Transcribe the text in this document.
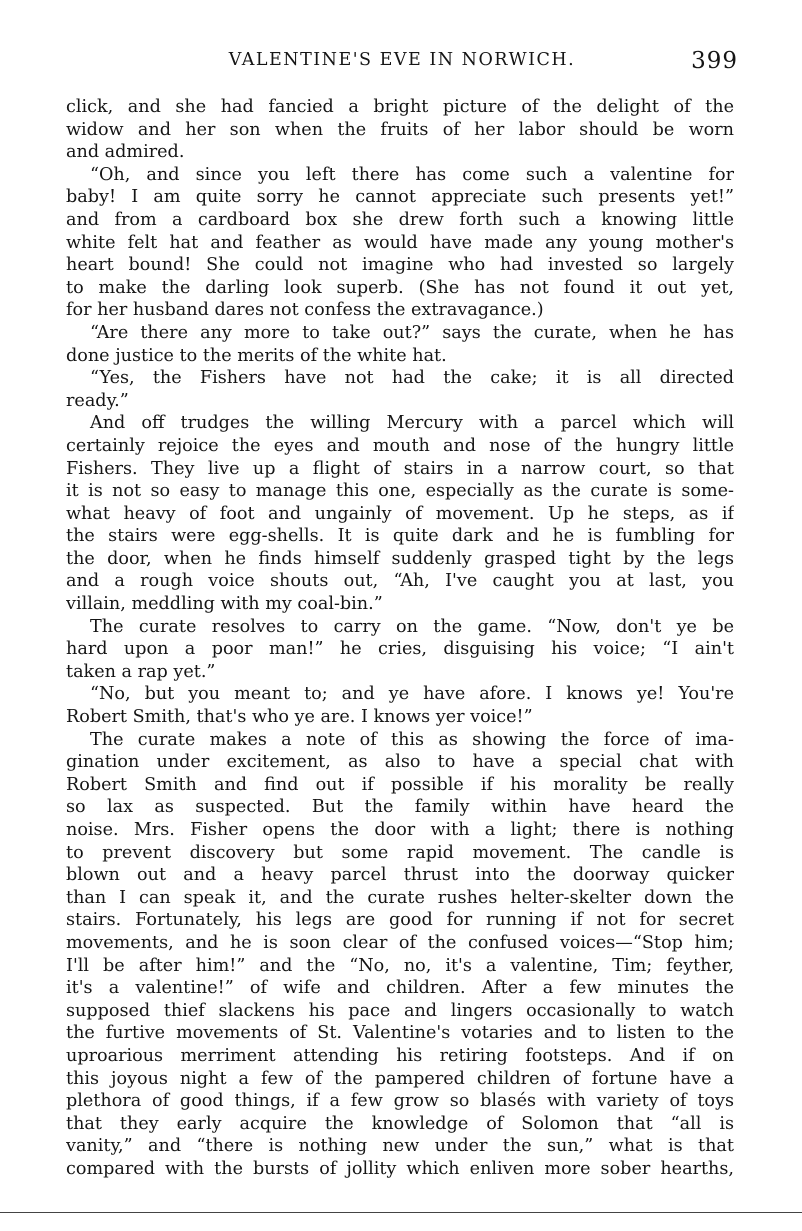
VALENTINE'S EVE IN NORWICH.	399
click, and she had fancied a bright picture of the delight of the
widow and her son when the fruits of her labor should be worn
and admired.
“Oh, and since you left there has come such a valentine for
baby! I am quite sorry he cannot appreciate such presents yet!”
and from a cardboard box she drew forth such a knowing little
white felt hat and feather as would have made any young mother's
heart bound! She could not imagine who had invested so largely
to make the darling look superb. (She has not found it out yet,
for her husband dares not confess the extravagance.)
“Are there any more to take out?” says the curate, when he has
done justice to the merits of the white hat.
“Yes, the Fishers have not had the cake; it is all directed
ready.”
And off trudges the willing Mercury with a parcel which will
certainly rejoice the eyes and mouth and nose of the hungry little
Fishers. They live up a flight of stairs in a narrow court, so that
it is not so easy to manage this one, especially as the curate is some-
what heavy of foot and ungainly of movement. Up he steps, as if
the stairs were egg-shells. It is quite dark and he is fumbling for
the door, when he finds himself suddenly grasped tight by the legs
and a rough voice shouts out, “Ah, I've caught you at last, you
villain, meddling with my coal-bin.”
The curate resolves to carry on the game. “Now, don't ye be
hard upon a poor man!” he cries, disguising his voice; “I ain't
taken a rap yet.”
“No, but you meant to; and ye have afore. I knows ye! You're
Robert Smith, that's who ye are. I knows yer voice!”
The curate makes a note of this as showing the force of ima-
gination under excitement, as also to have a special chat with
Robert Smith and find out if possible if his morality be really
so lax as suspected. But the family within have heard the
noise. Mrs. Fisher opens the door with a light; there is nothing
to prevent discovery but some rapid movement. The candle is
blown out and a heavy parcel thrust into the doorway quicker
than I can speak it, and the curate rushes helter-skelter down the
stairs. Fortunately, his legs are good for running if not for secret
movements, and he is soon clear of the confused voices—“Stop him;
I'll be after him!” and the “No, no, it's a valentine, Tim; feyther,
it's a valentine!” of wife and children. After a few minutes the
supposed thief slackens his pace and lingers occasionally to watch
the furtive movements of St. Valentine's votaries and to listen to the
uproarious merriment attending his retiring footsteps. And if on
this joyous night a few of the pampered children of fortune have a
plethora of good things, if a few grow so blasés with variety of toys
that they early acquire the knowledge of Solomon that “all is
vanity,” and “there is nothing new under the sun,” what is that
compared with the bursts of jollity which enliven more sober hearths,
